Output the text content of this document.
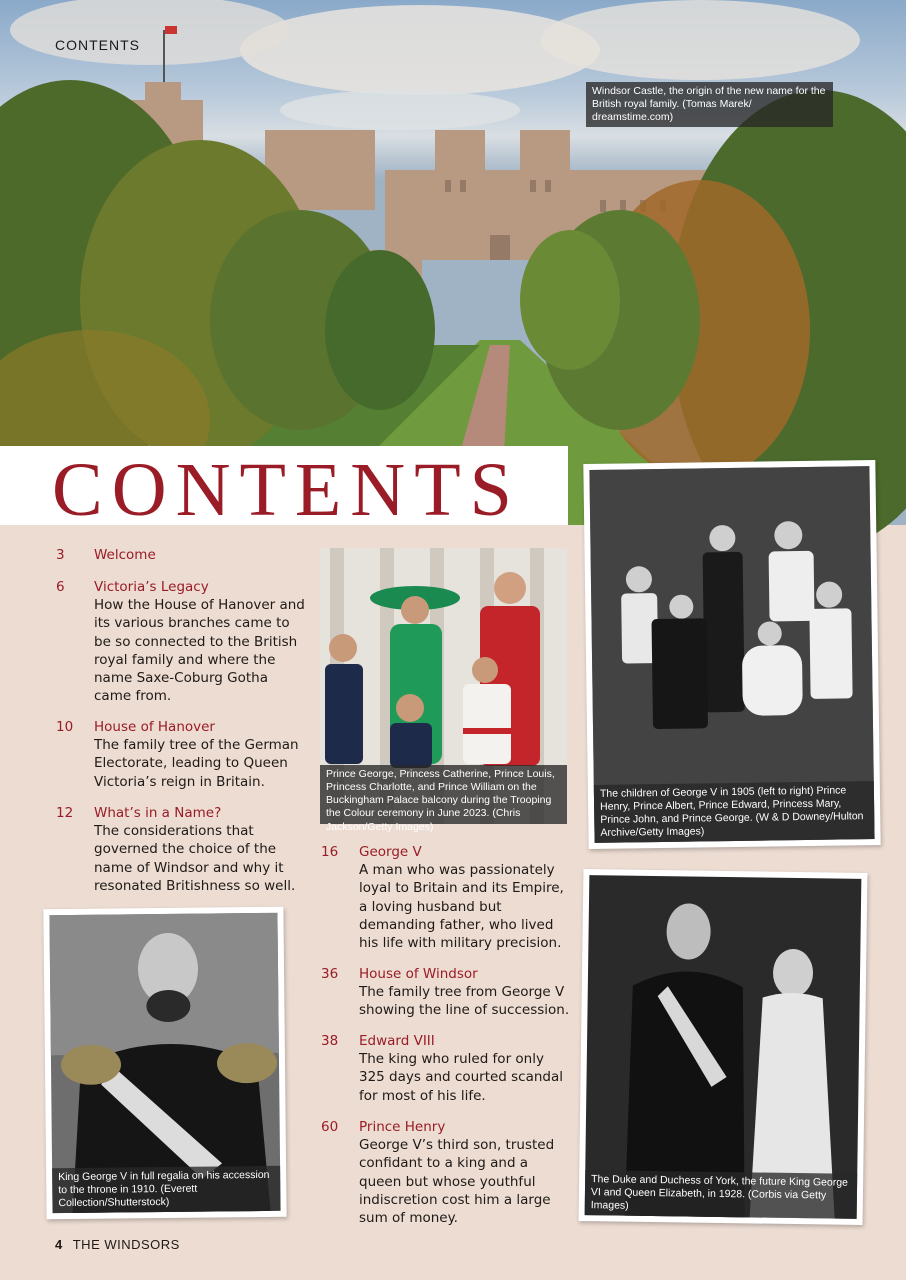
CONTENTS
Windsor Castle, the origin of the new name for the British royal family. (Tomas Marek/ dreamstime.com)
CONTENTS
3	Welcome
6	Victoria’s Legacy
How the House of Hanover and its various branches came to be so connected to the British royal family and where the name Saxe-Coburg Gotha came from.
10	House of Hanover
The family tree of the German Electorate, leading to Queen Victoria’s reign in Britain.
12	What’s in a Name?
The considerations that governed the choice of the name of Windsor and why it resonated Britishness so well.
16	George V
A man who was passionately loyal to Britain and its Empire, a loving husband but demanding father, who lived his life with military precision.
36	House of Windsor
The family tree from George V showing the line of succession.
38	Edward VIII
The king who ruled for only 325 days and courted scandal for most of his life.
60	Prince Henry
George V’s third son, trusted confidant to a king and a queen but whose youthful indiscretion cost him a large sum of money.
Prince George, Princess Catherine, Prince Louis, Princess Charlotte, and Prince William on the Buckingham Palace balcony during the Trooping the Colour ceremony in June 2023. (Chris Jackson/Getty Images)
The children of George V in 1905 (left to right) Prince Henry, Prince Albert, Prince Edward, Princess Mary, Prince John, and Prince George. (W & D Downey/Hulton Archive/Getty Images)
King George V in full regalia on his accession to the throne in 1910. (Everett Collection/Shutterstock)
The Duke and Duchess of York, the future King George VI and Queen Elizabeth, in 1928. (Corbis via Getty Images)
4 THE WINDSORS
